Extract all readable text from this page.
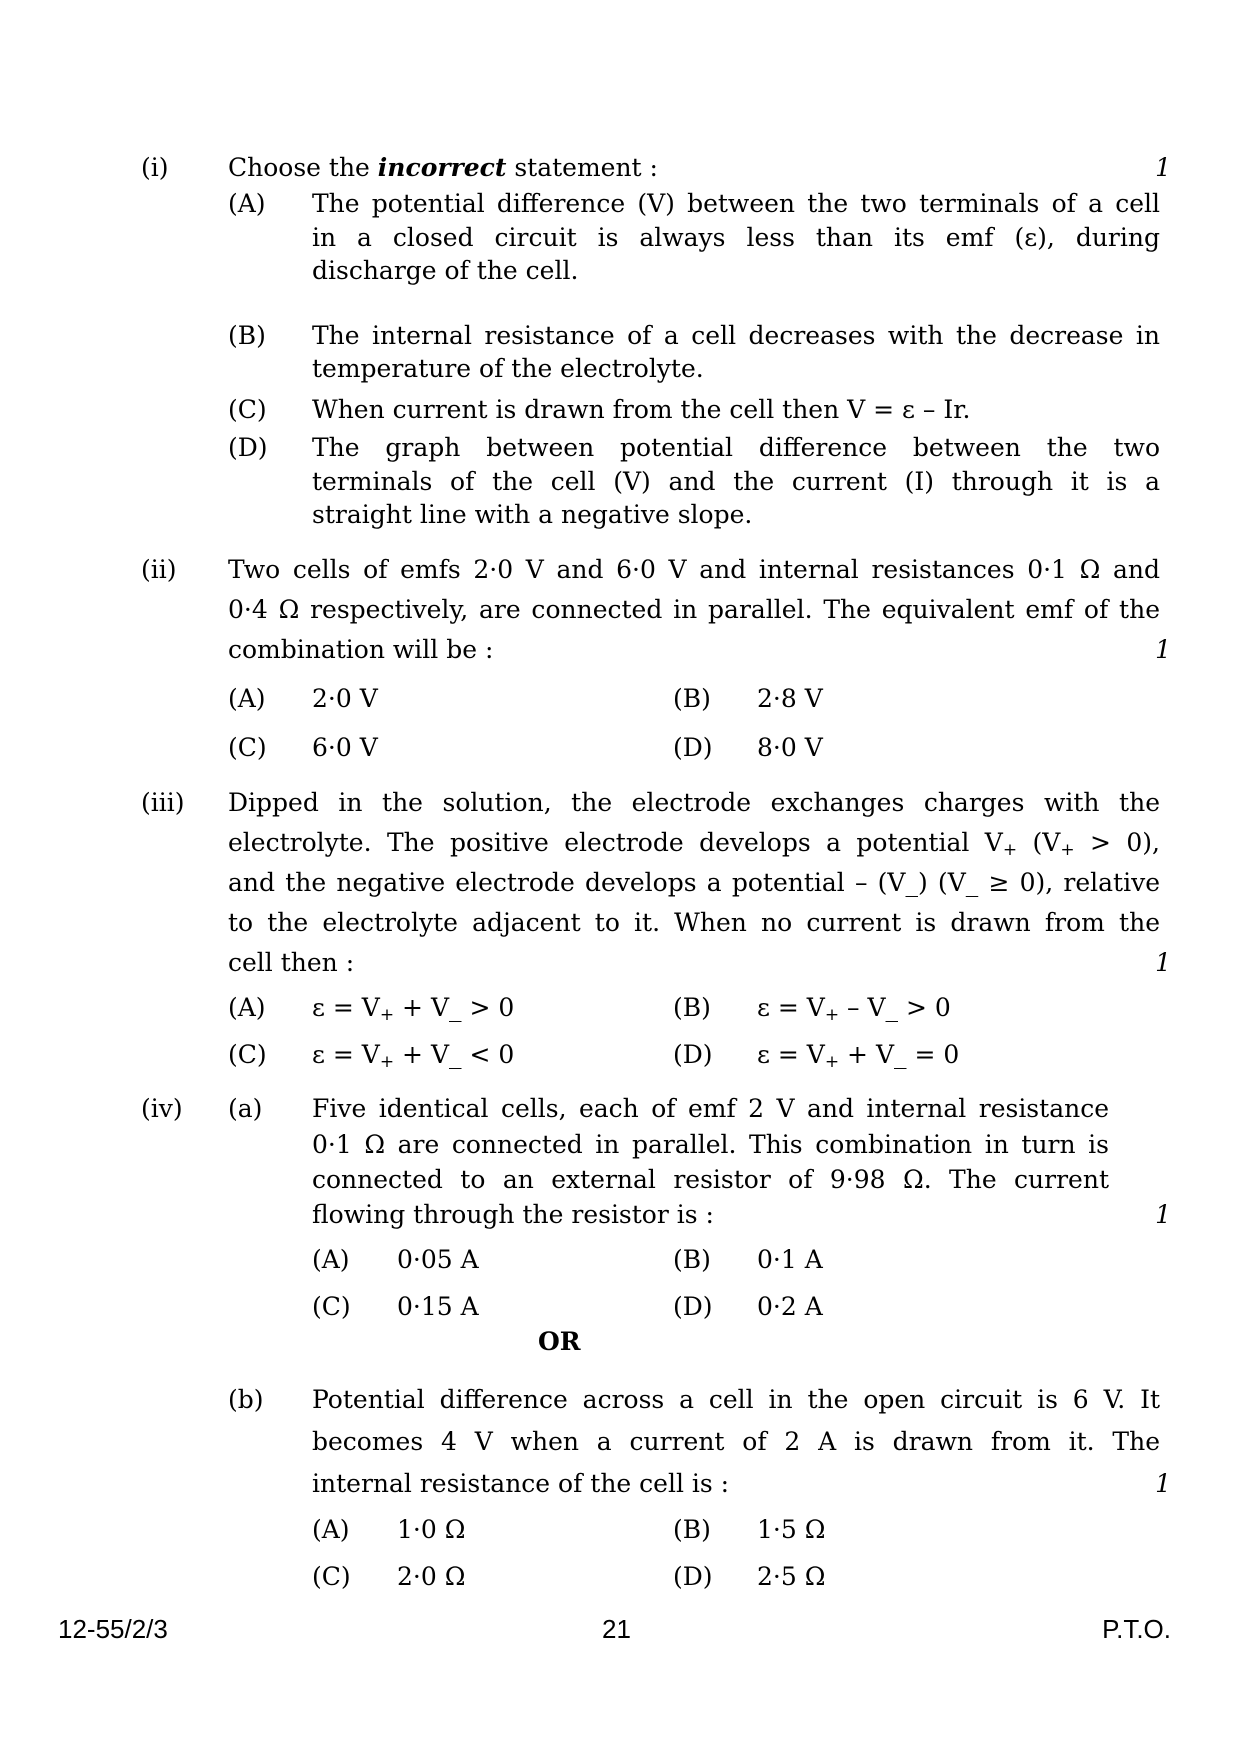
(i) Choose the incorrect statement :	1
(A) The potential difference (V) between the two terminals of a cell
in a closed circuit is always less than its emf (ε), during
discharge of the cell.
(B) The internal resistance of a cell decreases with the decrease in
temperature of the electrolyte.
(C) When current is drawn from the cell then V = ε – Ir.
(D) The graph between potential difference between the two
terminals of the cell (V) and the current (I) through it is a
straight line with a negative slope.
(ii) Two cells of emfs 2·0 V and 6·0 V and internal resistances 0·1 Ω and
0·4 Ω respectively, are connected in parallel. The equivalent emf of the
combination will be :	1
(A) 2·0 V	(B) 2·8 V
(C) 6·0 V	(D) 8·0 V
(iii) Dipped in the solution, the electrode exchanges charges with the
electrolyte. The positive electrode develops a potential $V_+$ $(V_+ > 0)$,
and the negative electrode develops a potential – (V_) (V_ ≥ 0), relative
to the electrolyte adjacent to it. When no current is drawn from the
cell then :	1
(A) $\varepsilon = V_+$ + V_ > 0	(B) $\varepsilon = V_+$ – V_ > 0
(C) $\varepsilon = V_+$ + V_ < 0	(D) $\varepsilon = V_+$ + V_ = 0
(iv) (a) Five identical cells, each of emf 2 V and internal resistance
0·1 Ω are connected in parallel. This combination in turn is
connected to an external resistor of 9·98 Ω. The current
flowing through the resistor is :	1
(A) 0·05 A	(B) 0·1 A
(C) 0·15 A	(D) 0·2 A
OR
(b) Potential difference across a cell in the open circuit is 6 V. It
becomes 4 V when a current of 2 A is drawn from it. The
internal resistance of the cell is :	1
(A) 1·0 Ω	(B) 1·5 Ω
(C) 2·0 Ω	(D) 2·5 Ω
12-55/2/3	21	P.T.O.
